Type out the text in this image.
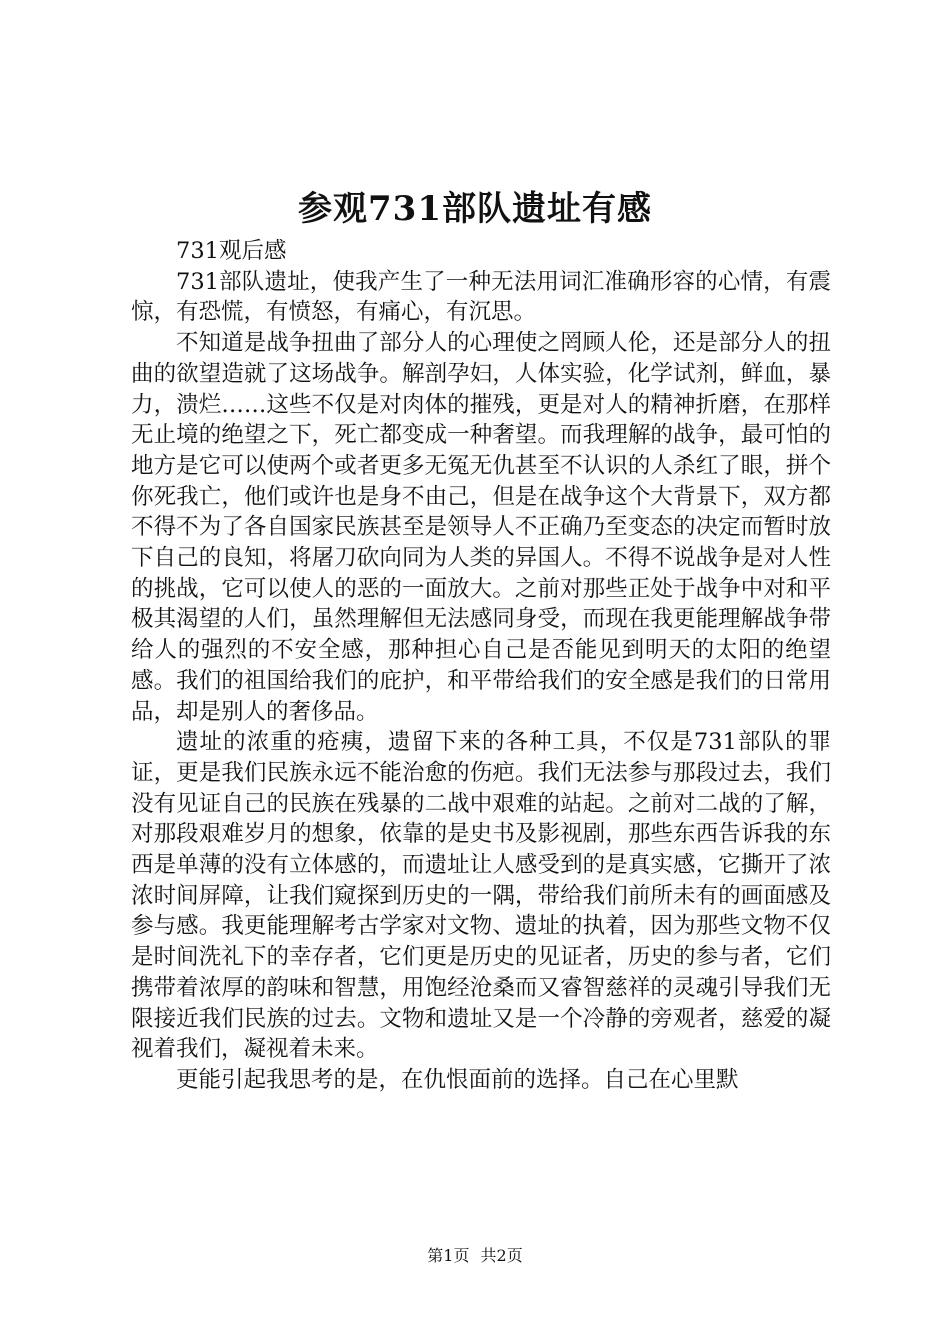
参观731部队遗址有感

731观后感

731部队遗址，使我产生了一种无法用词汇准确形容的心情，有震惊，有恐慌，有愤怒，有痛心，有沉思。

不知道是战争扭曲了部分人的心理使之罔顾人伦，还是部分人的扭曲的欲望造就了这场战争。解剖孕妇，人体实验，化学试剂，鲜血，暴力，溃烂……这些不仅是对肉体的摧残，更是对人的精神折磨，在那样无止境的绝望之下，死亡都变成一种奢望。而我理解的战争，最可怕的地方是它可以使两个或者更多无冤无仇甚至不认识的人杀红了眼，拼个你死我亡，他们或许也是身不由己，但是在战争这个大背景下，双方都不得不为了各自国家民族甚至是领导人不正确乃至变态的决定而暂时放下自己的良知，将屠刀砍向同为人类的异国人。不得不说战争是对人性的挑战，它可以使人的恶的一面放大。之前对那些正处于战争中对和平极其渴望的人们，虽然理解但无法感同身受，而现在我更能理解战争带给人的强烈的不安全感，那种担心自己是否能见到明天的太阳的绝望感。我们的祖国给我们的庇护，和平带给我们的安全感是我们的日常用品，却是别人的奢侈品。

遗址的浓重的疮痍，遗留下来的各种工具，不仅是731部队的罪证，更是我们民族永远不能治愈的伤疤。我们无法参与那段过去，我们没有见证自己的民族在残暴的二战中艰难的站起。之前对二战的了解，对那段艰难岁月的想象，依靠的是史书及影视剧，那些东西告诉我的东西是单薄的没有立体感的，而遗址让人感受到的是真实感，它撕开了浓浓时间屏障，让我们窥探到历史的一隅，带给我们前所未有的画面感及参与感。我更能理解考古学家对文物、遗址的执着，因为那些文物不仅是时间洗礼下的幸存者，它们更是历史的见证者，历史的参与者，它们携带着浓厚的韵味和智慧，用饱经沧桑而又睿智慈祥的灵魂引导我们无限接近我们民族的过去。文物和遗址又是一个冷静的旁观者，慈爱的凝视着我们，凝视着未来。

更能引起我思考的是，在仇恨面前的选择。自己在心里默

第1页 共2页
